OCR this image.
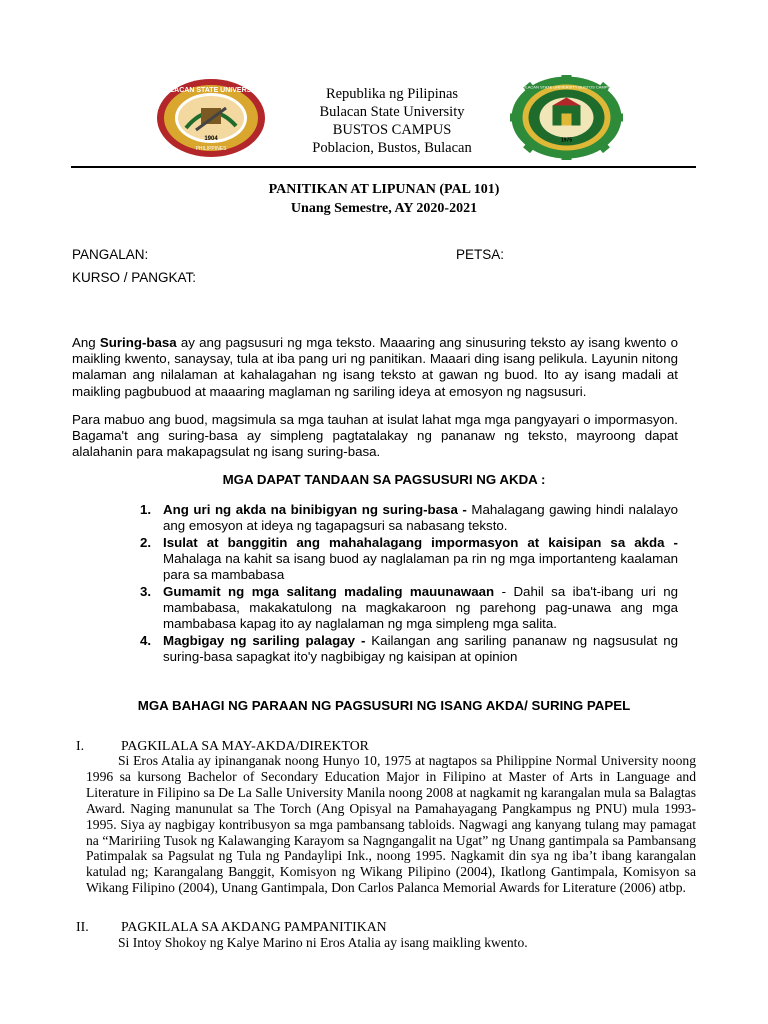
BULACAN STATE UNIVERSITY
1904
PHILIPPINES
Republika ng Pilipinas
Bulacan State University
BUSTOS CAMPUS
Poblacion, Bustos, Bulacan	1975
BULACAN STATE UNIVERSITY BUSTOS CAMPUS
PANITIKAN AT LIPUNAN (PAL 101)
Unang Semestre, AY 2020-2021
PANGALAN:	PETSA:
KURSO / PANGKAT:

Ang Suring-basa ay ang pagsusuri ng mga teksto. Maaaring ang sinusuring teksto ay isang kwento o maikling kwento, sanaysay, tula at iba pang uri ng panitikan. Maaari ding isang pelikula. Layunin nitong malaman ang nilalaman at kahalagahan ng isang teksto at gawan ng buod. Ito ay isang madali at maikling pagbubuod at maaaring maglaman ng sariling ideya at emosyon ng nagsusuri.

Para mabuo ang buod, magsimula sa mga tauhan at isulat lahat mga mga pangyayari o impormasyon. Bagama't ang suring-basa ay simpleng pagtatalakay ng pananaw ng teksto, mayroong dapat alalahanin para makapagsulat ng isang suring-basa.

MGA DAPAT TANDAAN SA PAGSUSURI NG AKDA :
1. Ang uri ng akda na binibigyan ng suring-basa - Mahalagang gawing hindi nalalayo ang emosyon at ideya ng tagapagsuri sa nabasang teksto.
2. Isulat at banggitin ang mahahalagang impormasyon at kaisipan sa akda - Mahalaga na kahit sa isang buod ay naglalaman pa rin ng mga importanteng kaalaman para sa mambabasa
3. Gumamit ng mga salitang madaling mauunawaan - Dahil sa iba't-ibang uri ng mambabasa, makakatulong na magkakaroon ng parehong pag-unawa ang mga mambabasa kapag ito ay naglalaman ng mga simpleng mga salita.
4. Magbigay ng sariling palagay - Kailangan ang sariling pananaw ng nagsusulat ng suring-basa sapagkat ito'y nagbibigay ng kaisipan at opinion
MGA BAHAGI NG PARAAN NG PAGSUSURI NG ISANG AKDA/ SURING PAPEL
I.	PAGKILALA SA MAY-AKDA/DIREKTOR

Si Eros Atalia ay ipinanganak noong Hunyo 10, 1975 at nagtapos sa Philippine Normal University noong 1996 sa kursong Bachelor of Secondary Education Major in Filipino at Master of Arts in Language and Literature in Filipino sa De La Salle University Manila noong 2008 at nagkamit ng karangalan mula sa Balagtas Award. Naging manunulat sa The Torch (Ang Opisyal na Pamahayagang Pangkampus ng PNU) mula 1993-1995. Siya ay nagbigay kontribusyon sa mga pambansang tabloids. Nagwagi ang kanyang tulang may pamagat na “Maririing Tusok ng Kalawanging Karayom sa Nagngangalit na Ugat” ng Unang gantimpala sa Pambansang Patimpalak sa Pagsulat ng Tula ng Pandaylipi Ink., noong 1995. Nagkamit din sya ng iba’t ibang karangalan katulad ng; Karangalang Banggit, Komisyon ng Wikang Pilipino (2004), Ikatlong Gantimpala, Komisyon sa Wikang Filipino (2004), Unang Gantimpala, Don Carlos Palanca Memorial Awards for Literature (2006) atbp.

II. PAGKILALA SA AKDANG PAMPANITIKAN

Si Intoy Shokoy ng Kalye Marino ni Eros Atalia ay isang maikling kwento.
